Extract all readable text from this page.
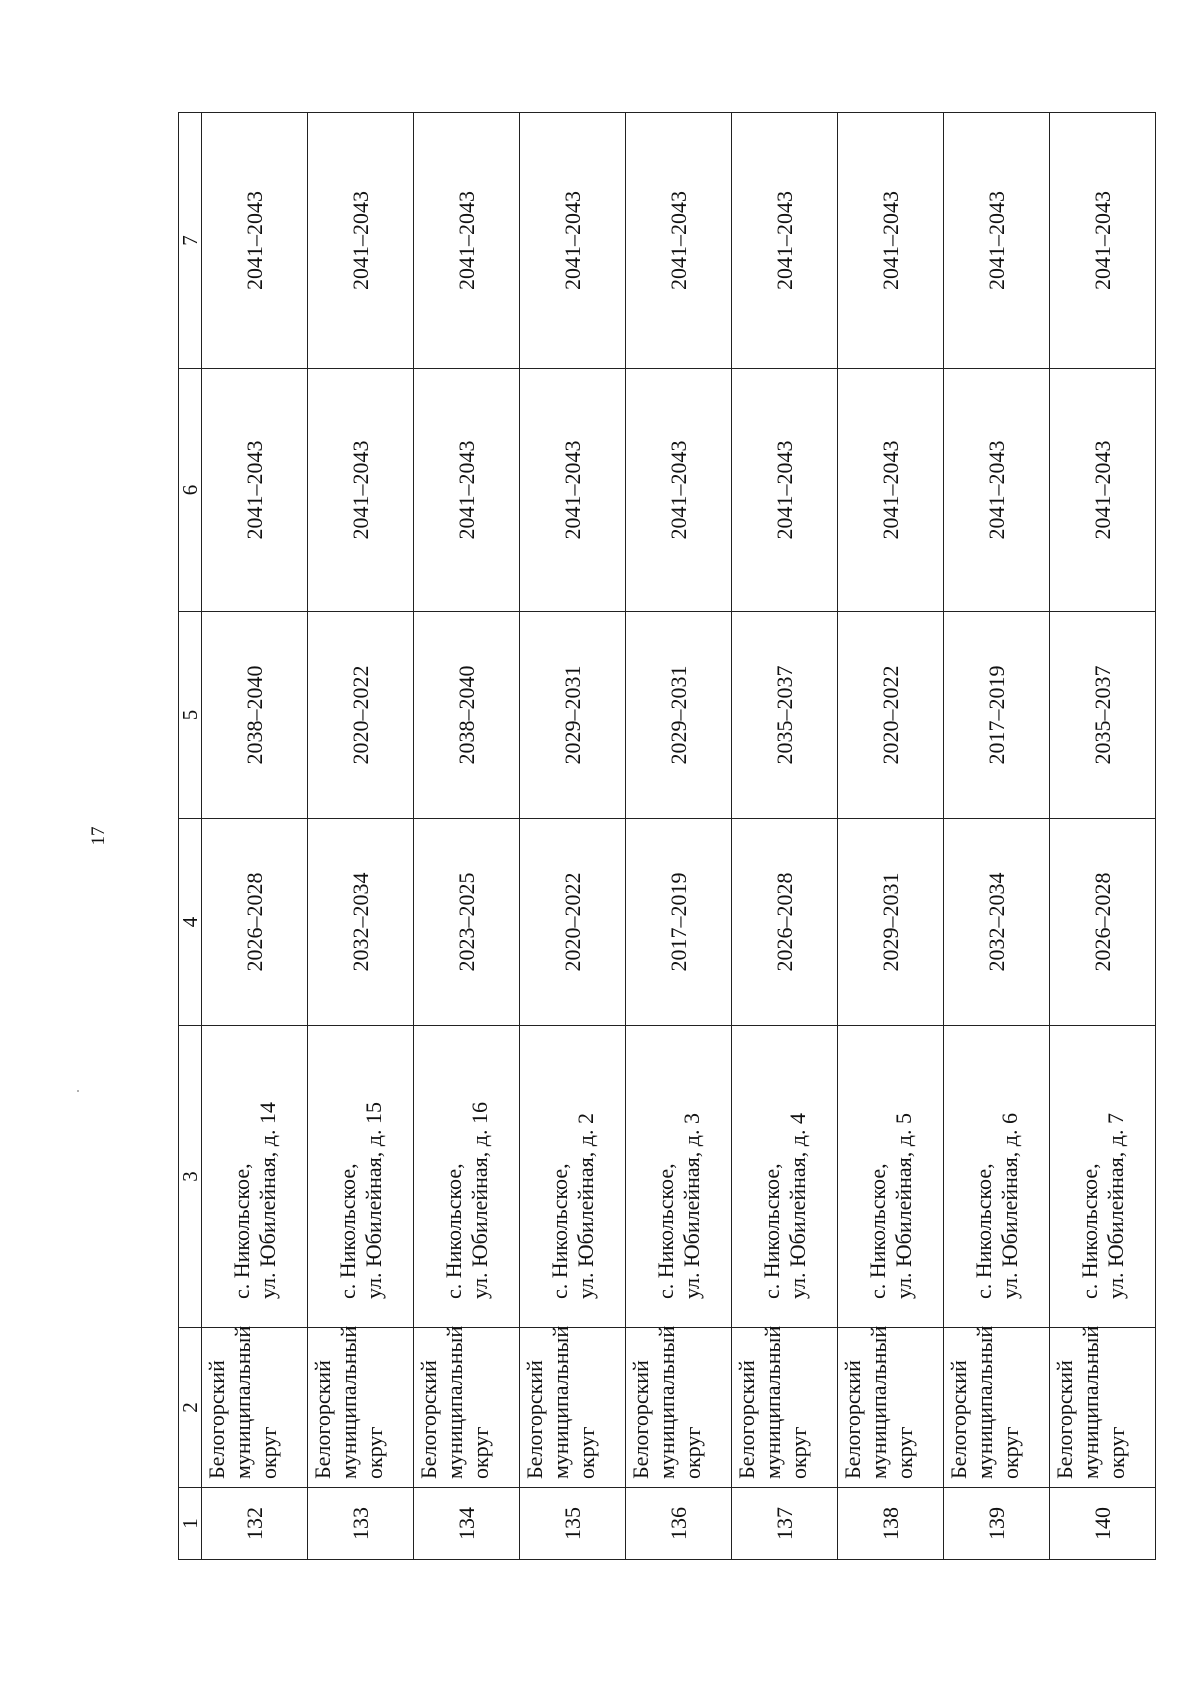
17
1	2	3	4	5	6	7
132	Белогорский муниципальный округ	с. Никольское, ул. Юбилейная, д. 14	2026–2028	2038–2040	2041–2043	2041–2043
133	Белогорский муниципальный округ	с. Никольское, ул. Юбилейная, д. 15	2032–2034	2020–2022	2041–2043	2041–2043
134	Белогорский муниципальный округ	с. Никольское, ул. Юбилейная, д. 16	2023–2025	2038–2040	2041–2043	2041–2043
135	Белогорский муниципальный округ	с. Никольское, ул. Юбилейная, д. 2	2020–2022	2029–2031	2041–2043	2041–2043
136	Белогорский муниципальный округ	с. Никольское, ул. Юбилейная, д. 3	2017–2019	2029–2031	2041–2043	2041–2043
137	Белогорский муниципальный округ	с. Никольское, ул. Юбилейная, д. 4	2026–2028	2035–2037	2041–2043	2041–2043
138	Белогорский муниципальный округ	с. Никольское, ул. Юбилейная, д. 5	2029–2031	2020–2022	2041–2043	2041–2043
139	Белогорский муниципальный округ	с. Никольское, ул. Юбилейная, д. 6	2032–2034	2017–2019	2041–2043	2041–2043
140	Белогорский муниципальный округ	с. Никольское, ул. Юбилейная, д. 7	2026–2028	2035–2037	2041–2043	2041–2043
